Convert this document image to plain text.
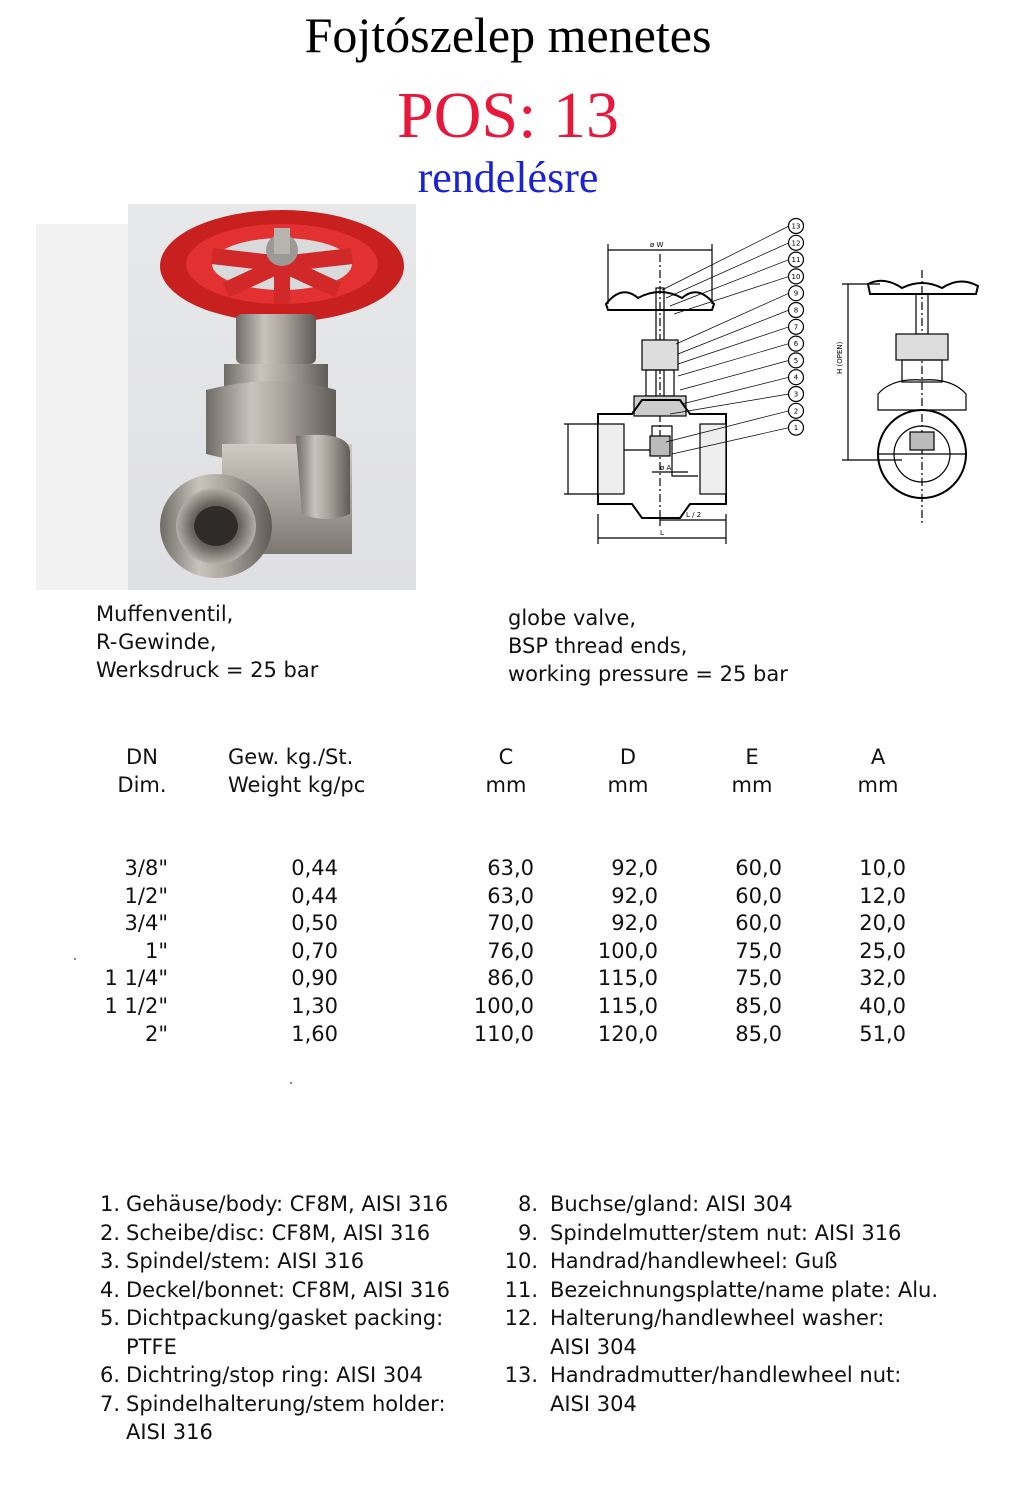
Fojtószelep menetes
POS: 13
rendelésre
ø W
L / 2
L
ø A
13
12
11
10
9
8
7
6
5
4
3
2
1
H (OPEN)
Muffenventil,
R-Gewinde,
Werksdruck = 25 bar
globe valve,
BSP thread ends,
working pressure = 25 bar
DN
Dim.
Gew. kg./St.
Weight kg/pc
C
mm
D
mm
E
mm
A
mm
3/8"
1/2"
3/4"
1"
1 1/4"
1 1/2"
2"
0,44
0,44
0,50
0,70
0,90
1,30
1,60
63,0
63,0
70,0
76,0
86,0
100,0
110,0
92,0
92,0
92,0
100,0
115,0
115,0
120,0
60,0
60,0
60,0
75,0
75,0
85,0
85,0
10,0
12,0
20,0
25,0
32,0
40,0
51,0
1. Gehäuse/body: CF8M, AISI 316
2. Scheibe/disc: CF8M, AISI 316
3. Spindel/stem: AISI 316
4. Deckel/bonnet: CF8M, AISI 316
5. Dichtpackung/gasket packing:
PTFE
6. Dichtring/stop ring: AISI 304
7. Spindelhalterung/stem holder:
AISI 316
8. Buchse/gland: AISI 304
9. Spindelmutter/stem nut: AISI 316
10. Handrad/handlewheel: Guß
11. Bezeichnungsplatte/name plate: Alu.
12. Halterung/handlewheel washer:
AISI 304
13. Handradmutter/handlewheel nut:
AISI 304
